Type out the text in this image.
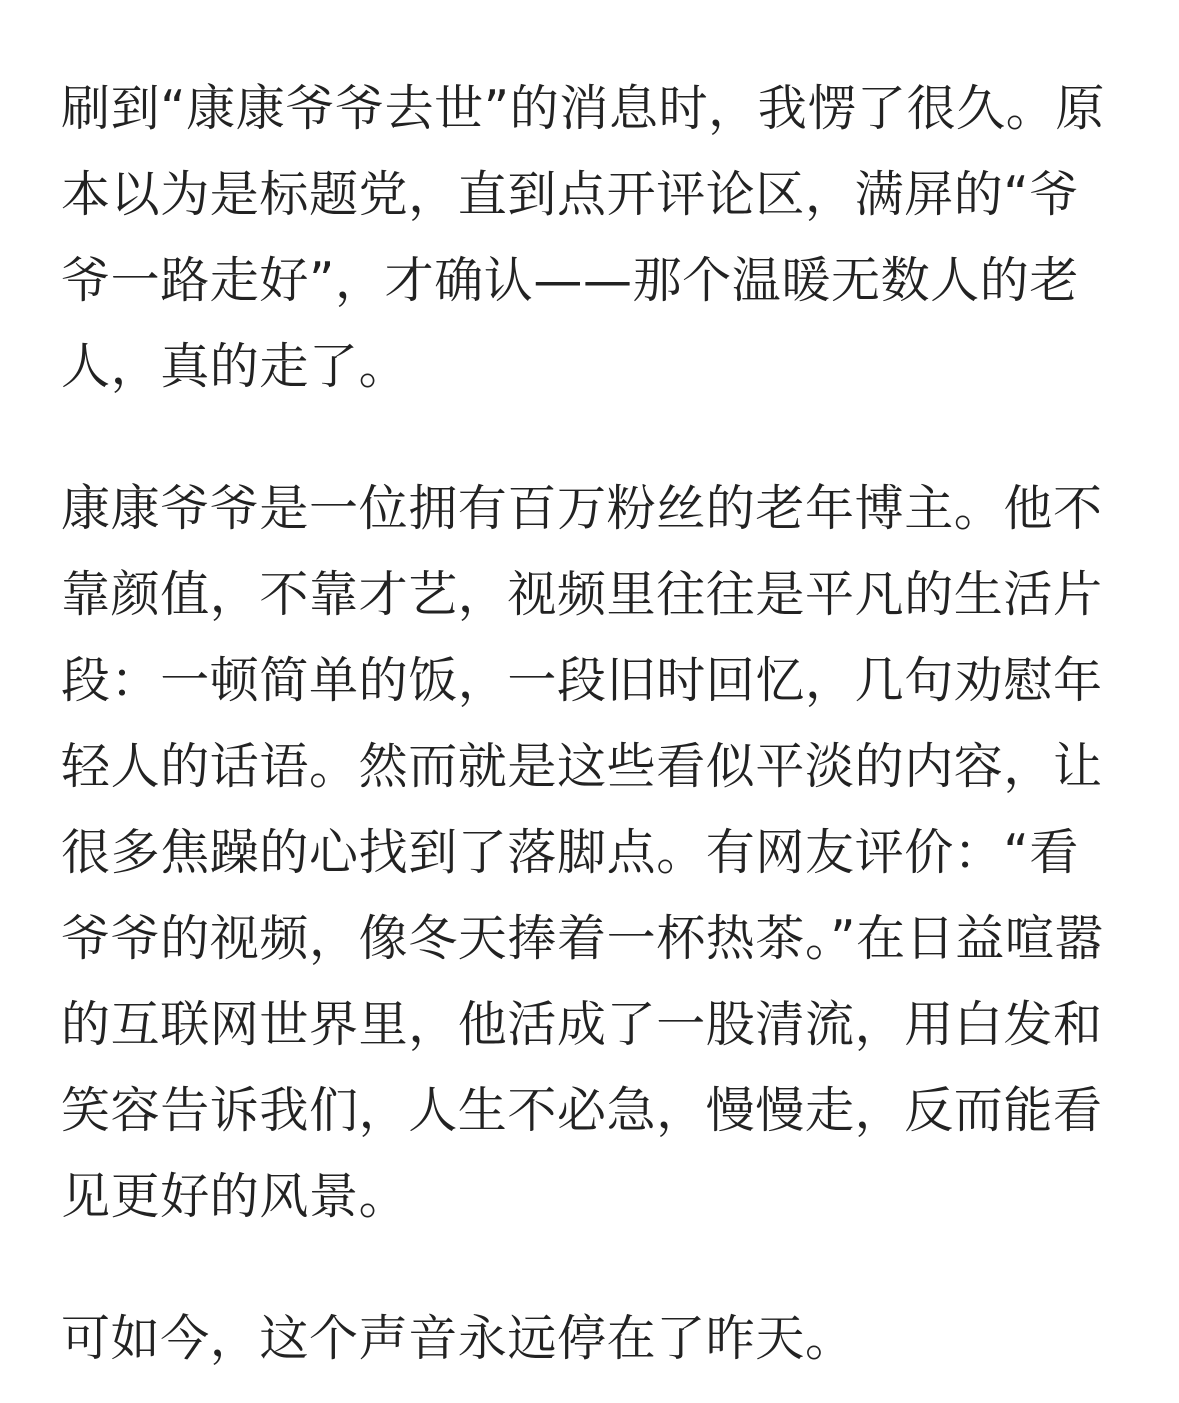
刷到“康康爷爷去世”的消息时，我愣了很久。原本以为是标题党，直到点开评论区，满屏的“爷爷一路走好”，才确认——那个温暖无数人的老人，真的走了。

康康爷爷是一位拥有百万粉丝的老年博主。他不靠颜值，不靠才艺，视频里往往是平凡的生活片段：一顿简单的饭，一段旧时回忆，几句劝慰年轻人的话语。然而就是这些看似平淡的内容，让很多焦躁的心找到了落脚点。有网友评价：“看爷爷的视频，像冬天捧着一杯热茶。”在日益喧嚣的互联网世界里，他活成了一股清流，用白发和笑容告诉我们，人生不必急，慢慢走，反而能看见更好的风景。

可如今，这个声音永远停在了昨天。
